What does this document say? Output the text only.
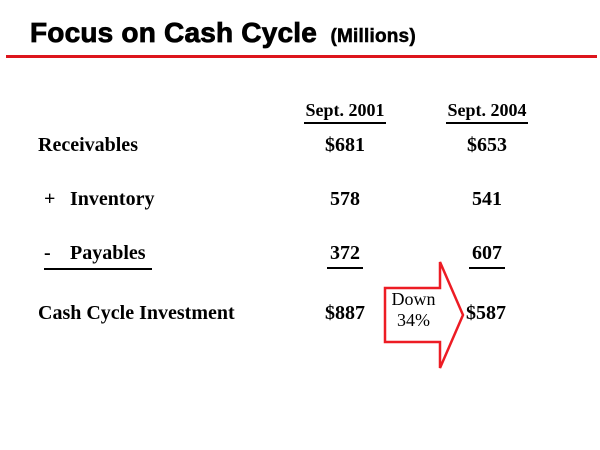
Focus on Cash Cycle (Millions)
Sept. 2001	Sept. 2004
Receivables	$681	$653
+ Inventory	578	541
- Payables	372	607
Cash Cycle Investment	$887	$587
Down
34%
